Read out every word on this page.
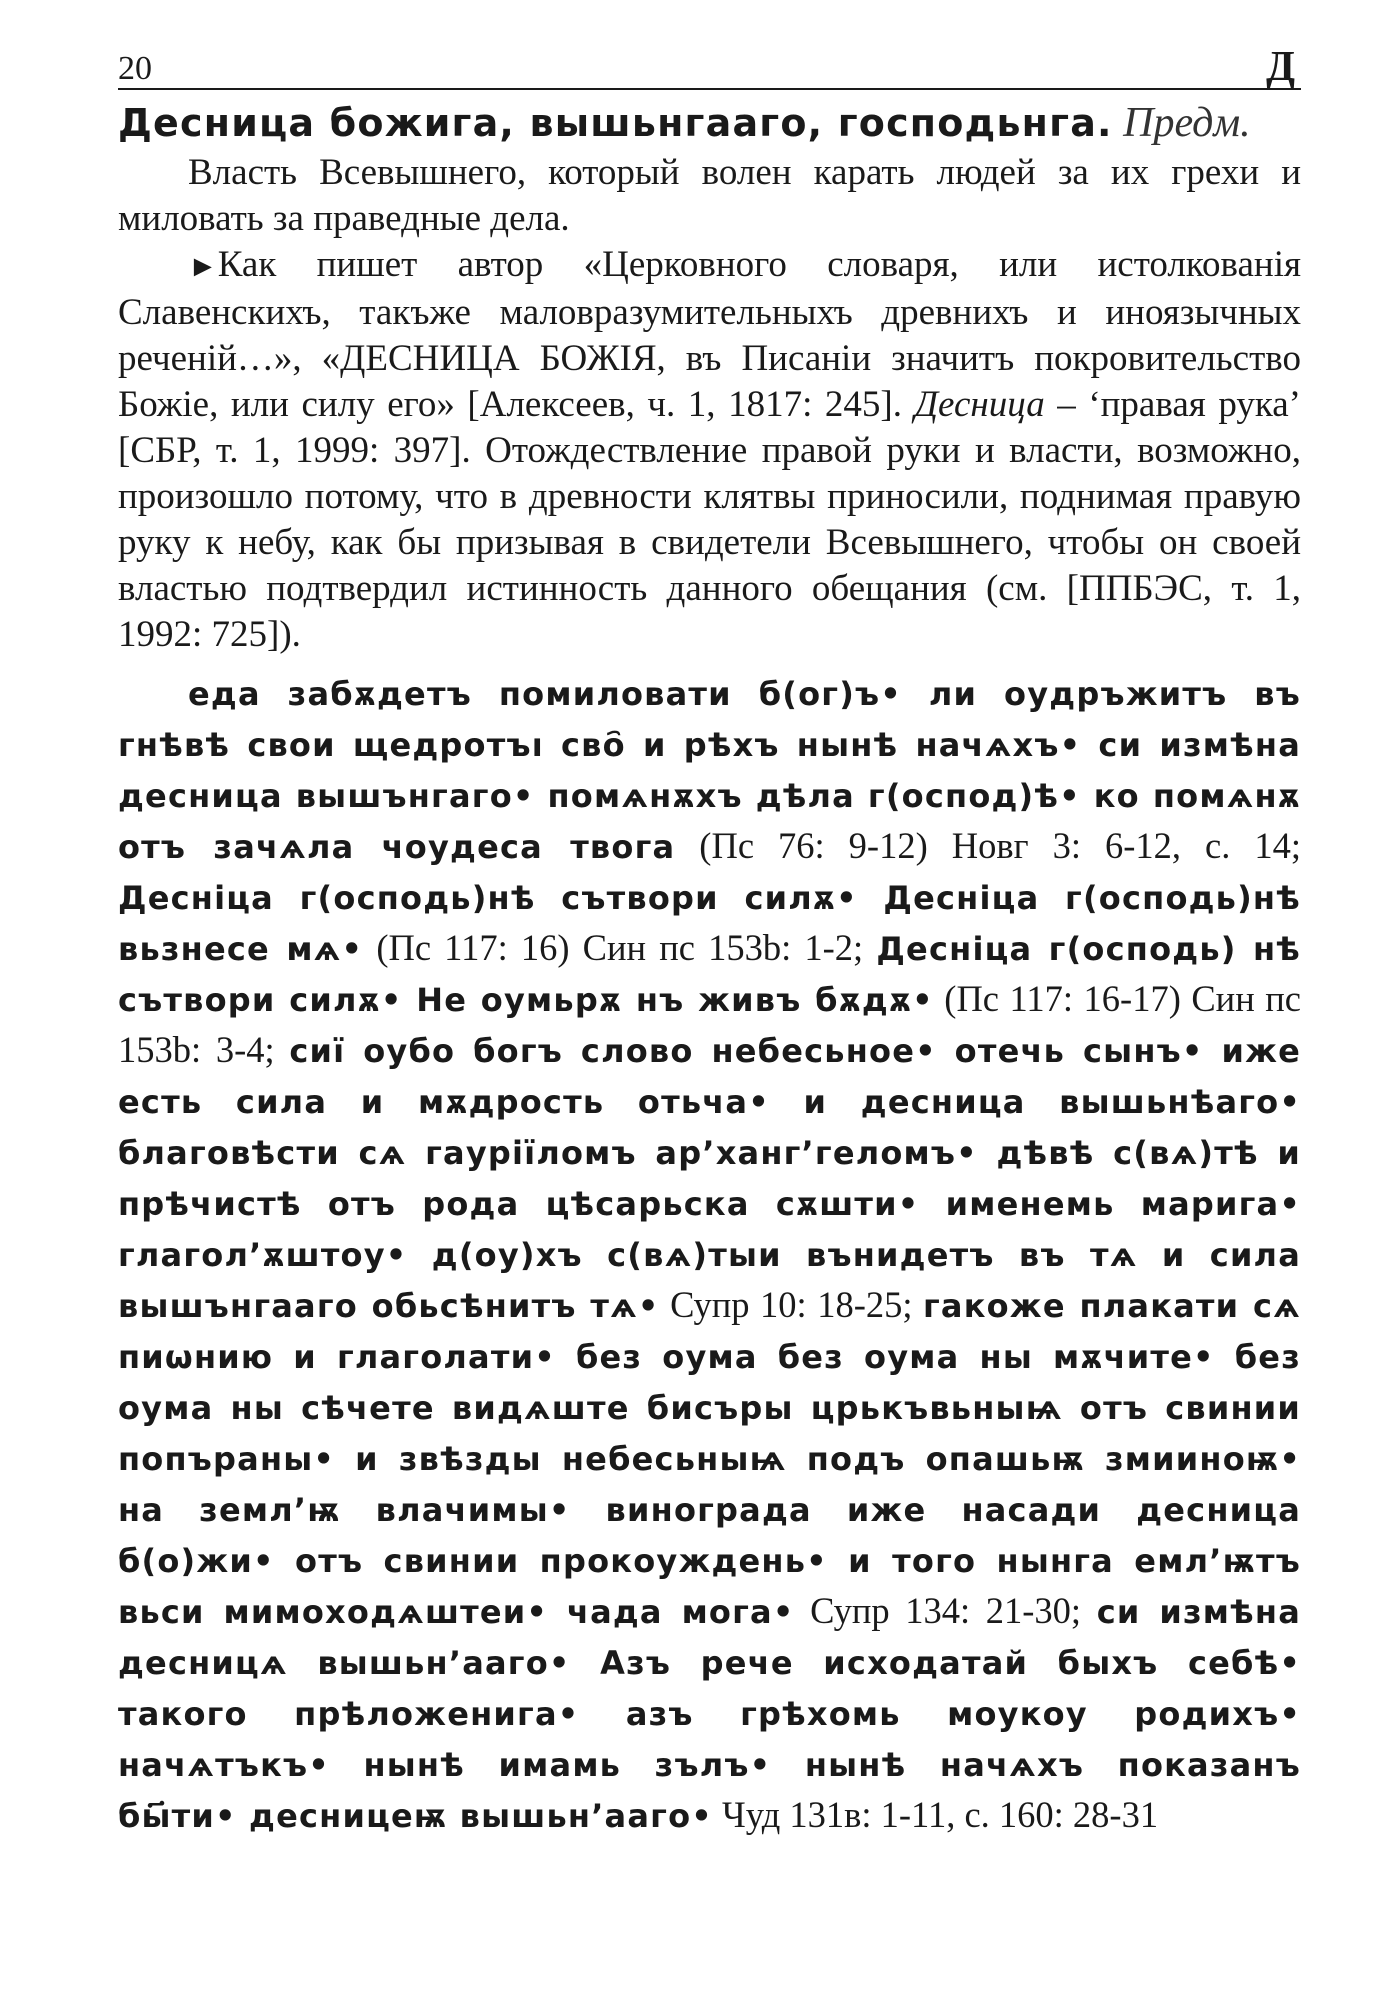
20	Д
Десница божига, вышьнгааго, господьнга. Предм.

Власть Всевышнего, который волен карать людей за их грехи и миловать за праведные дела.

►Как пишет автор «Церковного словаря, или истолкованія Славенскихъ, такъже маловразумительныхъ древнихъ и иноязычных реченій…», «ДЕСНИЦА БОЖІЯ, въ Писаніи значитъ покровительство Божіе, или силу его» [Алексеев, ч. 1, 1817: 245]. Десница – ‘правая рука’ [СБР, т. 1, 1999: 397]. Отождествление правой руки и власти, возможно, произошло потому, что в древности клятвы приносили, поднимая правую руку к небу, как бы призывая в свидетели Всевышнего, чтобы он своей властью подтвердил истинность данного обещания (см. [ППБЭС, т. 1, 1992: 725]).

еда забѫдетъ помиловати б(ог)ъ• ли оудръжитъ въ гнѣвѣ свои щедротъı сво҄ и рѣхъ нынѣ начѧхъ• си измѣна десница вышънгаго• помѧнѫхъ дѣла г(оспод)ѣ• ко помѧнѫ отъ зачѧла чоудеса твога (Пс 76: 9-12) Новг 3: 6-12, с. 14; Десніца г(осподь)нѣ сътвори силѫ• Десніца г(осподь)нѣ вьзнесе мѧ• (Пс 117: 16) Син пс 153b: 1-2; Десніца г(осподь) нѣ сътвори силѫ• Не оумьрѫ нъ живъ бѫдѫ• (Пс 117: 16-17) Син пс 153b: 3-4; сиї оубо богъ слово небесьное• отечь сынъ• иже есть сила и мѫдрость отьча• и десница вышьнѣаго• благовѣсти сѧ гаурiїломъ ар’ханг’геломъ• дѣвѣ с(вѧ)тѣ и прѣчистѣ отъ рода цѣсарьска сѫшти• именемь марига• глагол’ѫштоу• д(оу)хъ с(вѧ)тыи вънидетъ въ тѧ и сила вышънгааго обьсѣнитъ тѧ• Супр 10: 18-25; гакоже плакати сѧ пиωнию и глаголати• без оума без оума ны мѫчите• без оума ны сѣчете видѧште бисъры црькъвьныѩ отъ свинии попъраны• и звѣзды небесьныѩ подъ опашьѭ змииноѭ• на земл’ѭ влачимы• винограда иже насади десница б(о)жи• отъ свинии прокоуждень• и того нынга емл’ѭтъ вьси мимоходѧштеи• чада мога• Супр 134: 21-30; си измѣна десницѧ вышьн’ааго• Азъ рече исходатай быхъ себѣ• такого прѣложенига• азъ грѣхомь моукоу родихъ• начѧтъкъ• нынѣ имамь зълъ• нынѣ начѧхъ показанъ бы҃ти• десницеѭ вышьн’ааго• Чуд 131в: 1-11, с. 160: 28-31
